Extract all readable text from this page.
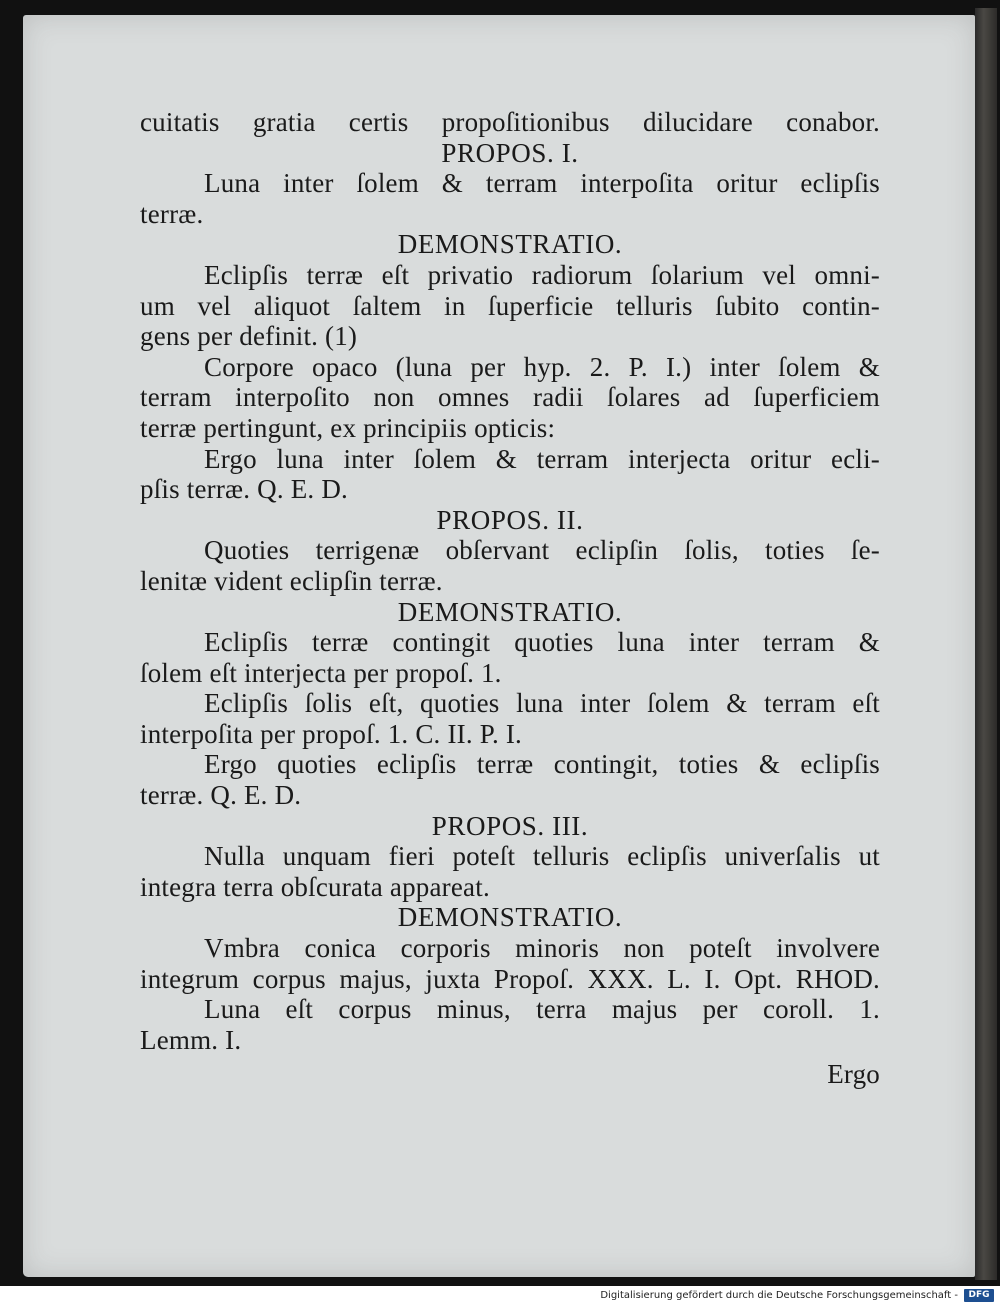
cuitatis gratia certis propoſitionibus dilucidare conabor.
PROPOS. I.
Luna inter ſolem & terram interpoſita oritur eclipſis
terræ.
DEMONSTRATIO.
Eclipſis terræ eſt privatio radiorum ſolarium vel omni-
um vel aliquot ſaltem in ſuperficie telluris ſubito contin-
gens per definit. (1)
Corpore opaco (luna per hyp. 2. P. I.) inter ſolem &
terram interpoſito non omnes radii ſolares ad ſuperficiem
terræ pertingunt, ex principiis opticis:
Ergo luna inter ſolem & terram interjecta oritur ecli-
pſis terræ. Q. E. D.
PROPOS. II.
Quoties terrigenæ obſervant eclipſin ſolis, toties ſe-
lenitæ vident eclipſin terræ.
DEMONSTRATIO.
Eclipſis terræ contingit quoties luna inter terram &
ſolem eſt interjecta per propoſ. 1.
Eclipſis ſolis eſt, quoties luna inter ſolem & terram eſt
interpoſita per propoſ. 1. C. II. P. I.
Ergo quoties eclipſis terræ contingit, toties & eclipſis
terræ. Q. E. D.
PROPOS. III.
Nulla unquam fieri poteſt telluris eclipſis univerſalis ut
integra terra obſcurata appareat.
DEMONSTRATIO.
Vmbra conica corporis minoris non poteſt involvere
integrum corpus majus, juxta Propoſ. XXX. L. I. Opt. RHOD.
Luna eſt corpus minus, terra majus per coroll. 1.
Lemm. I.
Ergo
Digitalisierung gefördert durch die Deutsche Forschungsgemeinschaft -	DFG
